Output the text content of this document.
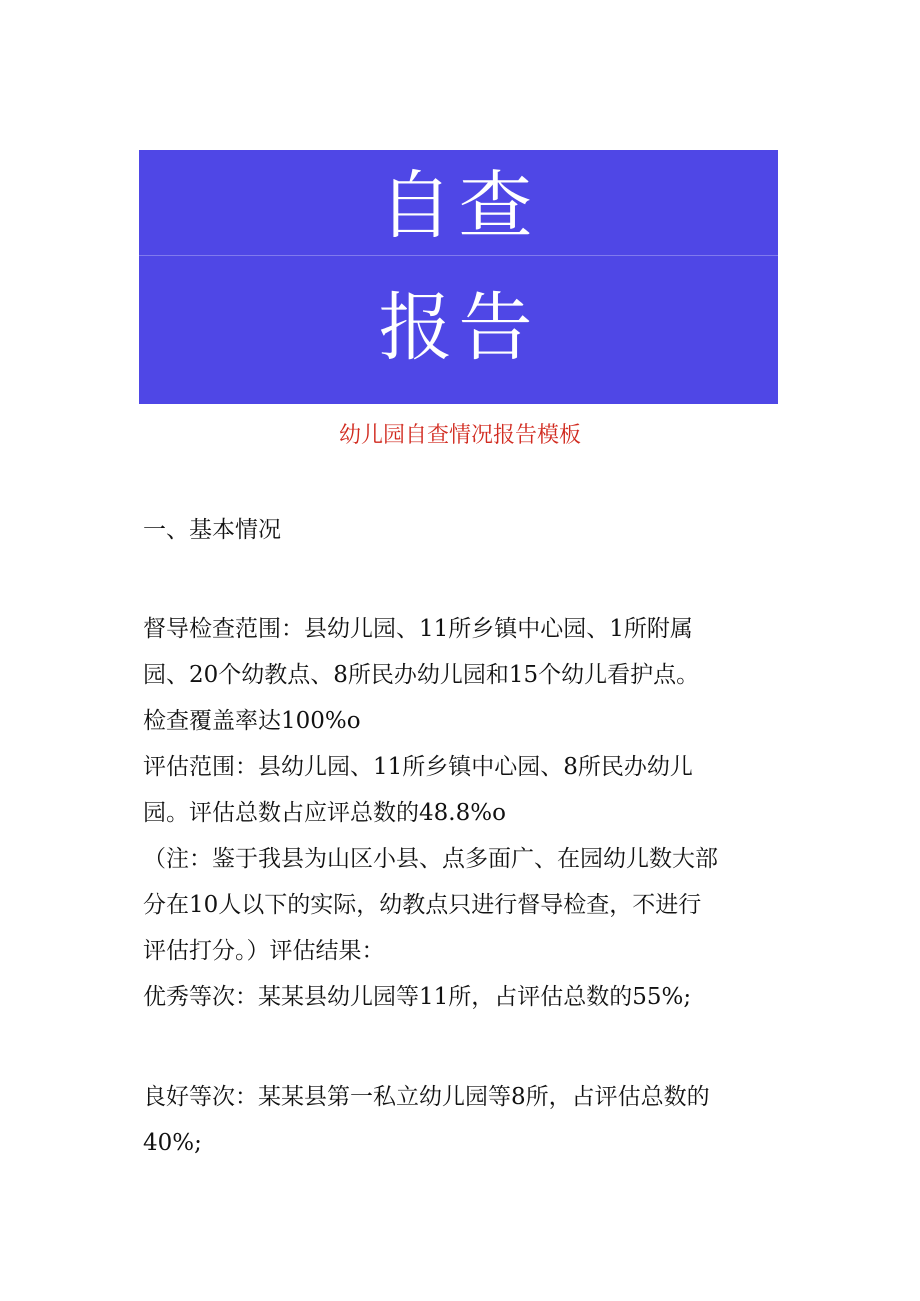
自查
报告
幼儿园自查情况报告模板
一、基本情况

督导检查范围：县幼儿园、11所乡镇中心园、1所附属

园、20个幼教点、8所民办幼儿园和15个幼儿看护点。

检查覆盖率达100%o

评估范围：县幼儿园、11所乡镇中心园、8所民办幼儿

园。评估总数占应评总数的48.8%o

（注：鉴于我县为山区小县、点多面广、在园幼儿数大部

分在10人以下的实际，幼教点只进行督导检查，不进行

评估打分。）评估结果：

优秀等次：某某县幼儿园等11所，占评估总数的55%;

良好等次：某某县第一私立幼儿园等8所，占评估总数的

40%;
